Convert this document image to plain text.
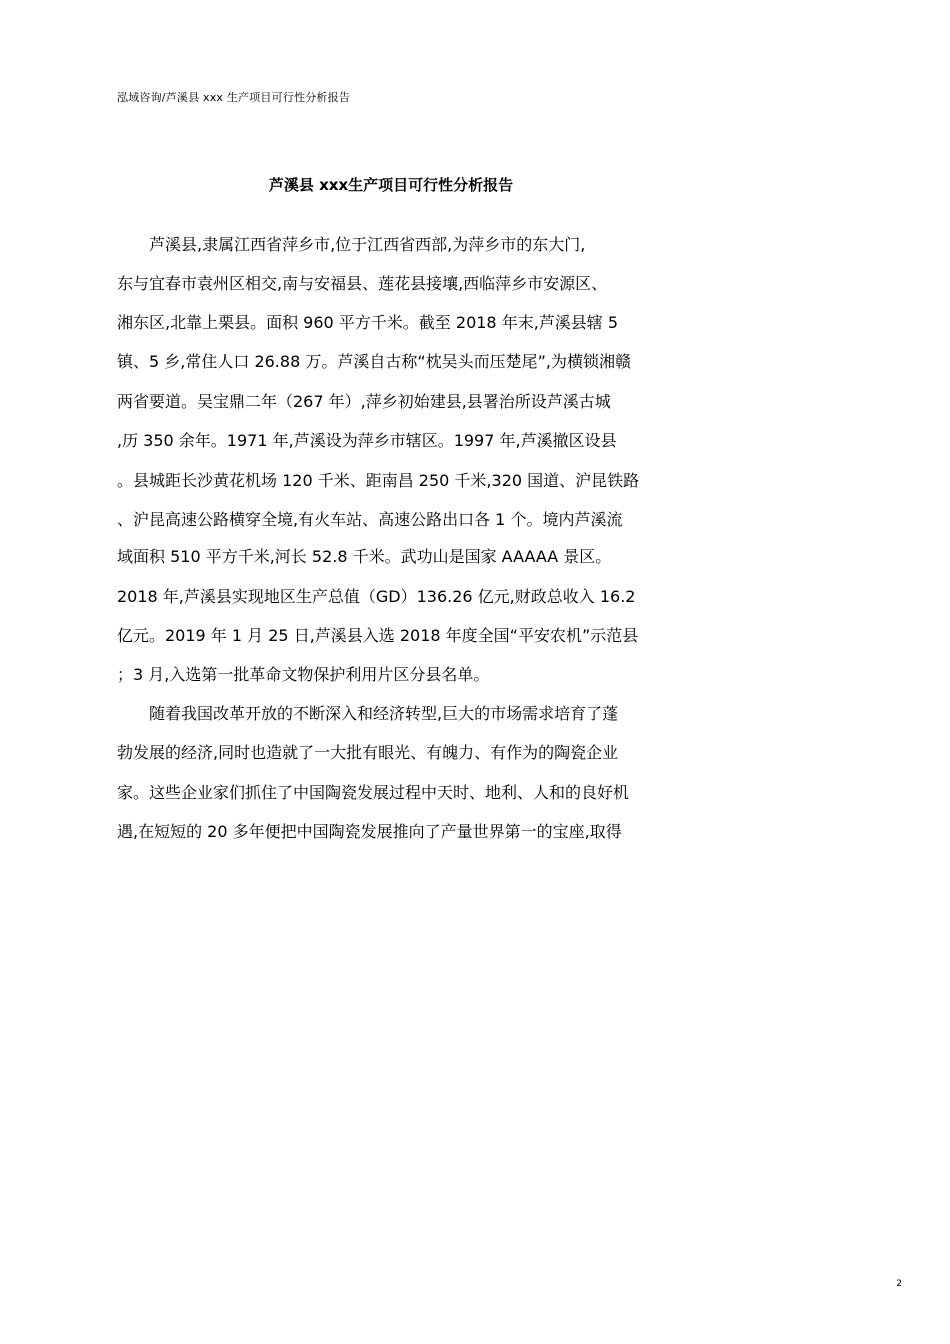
泓域咨询/芦溪县 xxx 生产项目可行性分析报告
芦溪县 xxx生产项目可行性分析报告
芦溪县,隶属江西省萍乡市,位于江西省西部,为萍乡市的东大门,
东与宜春市袁州区相交,南与安福县、莲花县接壤,西临萍乡市安源区、
湘东区,北靠上栗县。面积 960 平方千米。截至 2018 年末,芦溪县辖 5
镇、5 乡,常住人口 26.88 万。芦溪自古称“枕吴头而压楚尾”,为横锁湘赣
两省要道。吴宝鼎二年（267 年）,萍乡初始建县,县署治所设芦溪古城
,历 350 余年。1971 年,芦溪设为萍乡市辖区。1997 年,芦溪撤区设县
。县城距长沙黄花机场 120 千米、距南昌 250 千米,320 国道、沪昆铁路
、沪昆高速公路横穿全境,有火车站、高速公路出口各 1 个。境内芦溪流
域面积 510 平方千米,河长 52.8 千米。武功山是国家 AAAAA 景区。
2018 年,芦溪县实现地区生产总值（GD）136.26 亿元,财政总收入 16.2
亿元。2019 年 1 月 25 日,芦溪县入选 2018 年度全国“平安农机”示范县
；3 月,入选第一批革命文物保护利用片区分县名单。
随着我国改革开放的不断深入和经济转型,巨大的市场需求培育了蓬
勃发展的经济,同时也造就了一大批有眼光、有魄力、有作为的陶瓷企业
家。这些企业家们抓住了中国陶瓷发展过程中天时、地利、人和的良好机
遇,在短短的 20 多年便把中国陶瓷发展推向了产量世界第一的宝座,取得
2
